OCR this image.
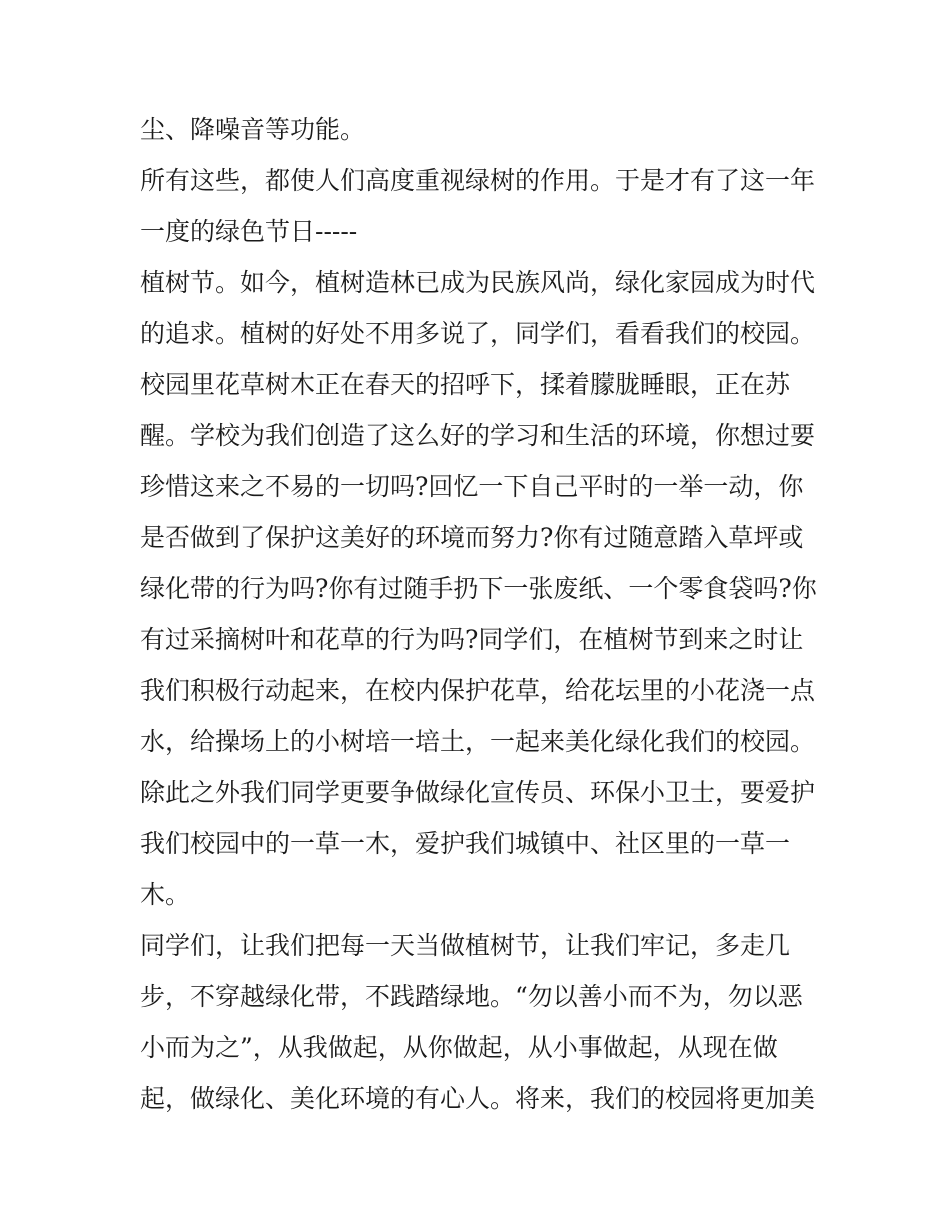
尘、降噪音等功能。
所有这些，都使人们高度重视绿树的作用。于是才有了这一年
一度的绿色节日-----
植树节。如今，植树造林已成为民族风尚，绿化家园成为时代
的追求。植树的好处不用多说了，同学们，看看我们的校园。
校园里花草树木正在春天的招呼下，揉着朦胧睡眼，正在苏
醒。学校为我们创造了这么好的学习和生活的环境，你想过要
珍惜这来之不易的一切吗?回忆一下自己平时的一举一动，你
是否做到了保护这美好的环境而努力?你有过随意踏入草坪或
绿化带的行为吗?你有过随手扔下一张废纸、一个零食袋吗?你
有过采摘树叶和花草的行为吗?同学们，在植树节到来之时让
我们积极行动起来，在校内保护花草，给花坛里的小花浇一点
水，给操场上的小树培一培土，一起来美化绿化我们的校园。
除此之外我们同学更要争做绿化宣传员、环保小卫士，要爱护
我们校园中的一草一木，爱护我们城镇中、社区里的一草一
木。
同学们，让我们把每一天当做植树节，让我们牢记，多走几
步，不穿越绿化带，不践踏绿地。“勿以善小而不为，勿以恶
小而为之”，从我做起，从你做起，从小事做起，从现在做
起，做绿化、美化环境的有心人。将来，我们的校园将更加美
